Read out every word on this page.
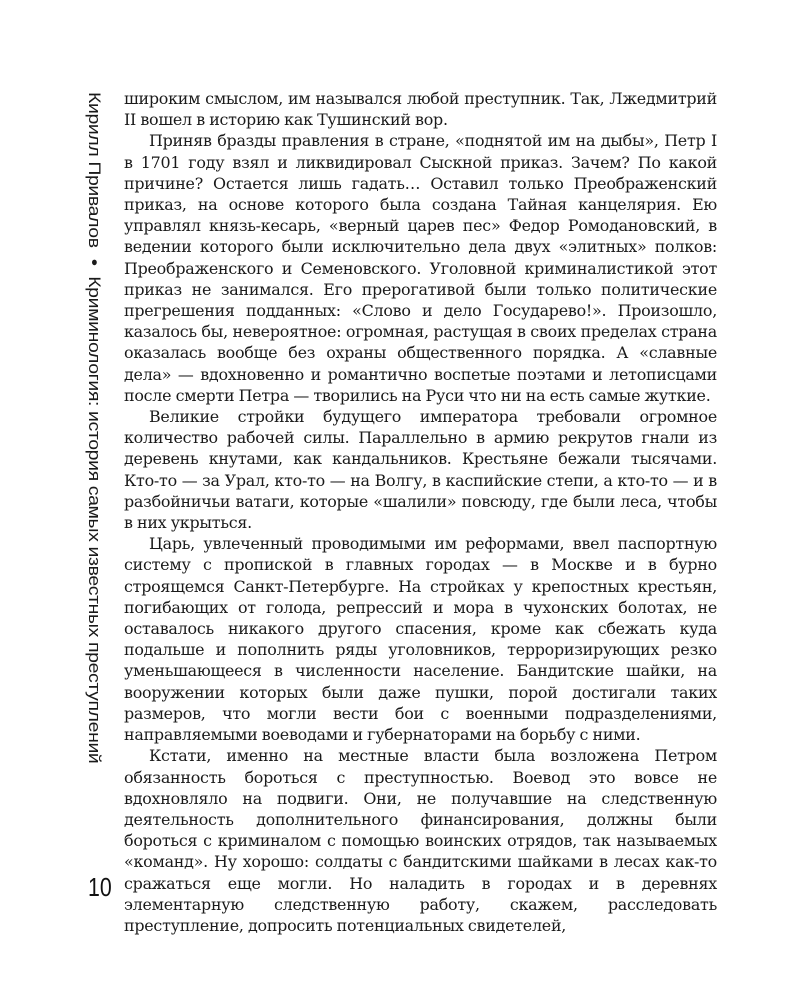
Кирилл Привалов • Криминология: история самых известных преступлений
10

широким смыслом, им назывался любой преступник. Так, Лжедмитрий II вошел в историю как Тушинский вор.

Приняв бразды правления в стране, «поднятой им на дыбы», Петр I в 1701 году взял и ликвидировал Сыскной приказ. Зачем? По какой причине? Остается лишь гадать… Оставил только Преображенский приказ, на основе которого была создана Тайная канцелярия. Ею управлял князь-кесарь, «верный царев пес» Федор Ромодановский, в ведении которого были исключительно дела двух «элитных» полков: Преображенского и Семеновского. Уголовной криминалистикой этот приказ не занимался. Его прерогативой были только политические прегрешения подданных: «Слово и дело Государево!». Произошло, казалось бы, невероятное: огромная, растущая в своих пределах страна оказалась вообще без охраны общественного порядка. А «славные дела» — вдохновенно и романтично воспетые поэтами и летописцами после смерти Петра — творились на Руси что ни на есть самые жуткие.

Великие стройки будущего императора требовали огромное количество рабочей силы. Параллельно в армию рекрутов гнали из деревень кнутами, как кандальников. Крестьяне бежали тысячами. Кто-то — за Урал, кто-то — на Волгу, в каспийские степи, а кто-то — и в разбойничьи ватаги, которые «шалили» повсюду, где были леса, чтобы в них укрыться.

Царь, увлеченный проводимыми им реформами, ввел паспортную систему с пропиской в главных городах — в Москве и в бурно строящемся Санкт-Петербурге. На стройках у крепостных крестьян, погибающих от голода, репрессий и мора в чухонских болотах, не оставалось никакого другого спасения, кроме как сбежать куда подальше и пополнить ряды уголовников, терроризирующих резко уменьшающееся в численности население. Бандитские шайки, на вооружении которых были даже пушки, порой достигали таких размеров, что могли вести бои с военными подразделениями, направляемыми воеводами и губернаторами на борьбу с ними.

Кстати, именно на местные власти была возложена Петром обязанность бороться с преступностью. Воевод это вовсе не вдохновляло на подвиги. Они, не получавшие на следственную деятельность дополнительного финансирования, должны были бороться с криминалом с помощью воинских отрядов, так называемых «команд». Ну хорошо: солдаты с бандитскими шайками в лесах как-то сражаться еще могли. Но наладить в городах и в деревнях элементарную следственную работу, скажем, расследовать преступление, допросить потенциальных свидетелей,
